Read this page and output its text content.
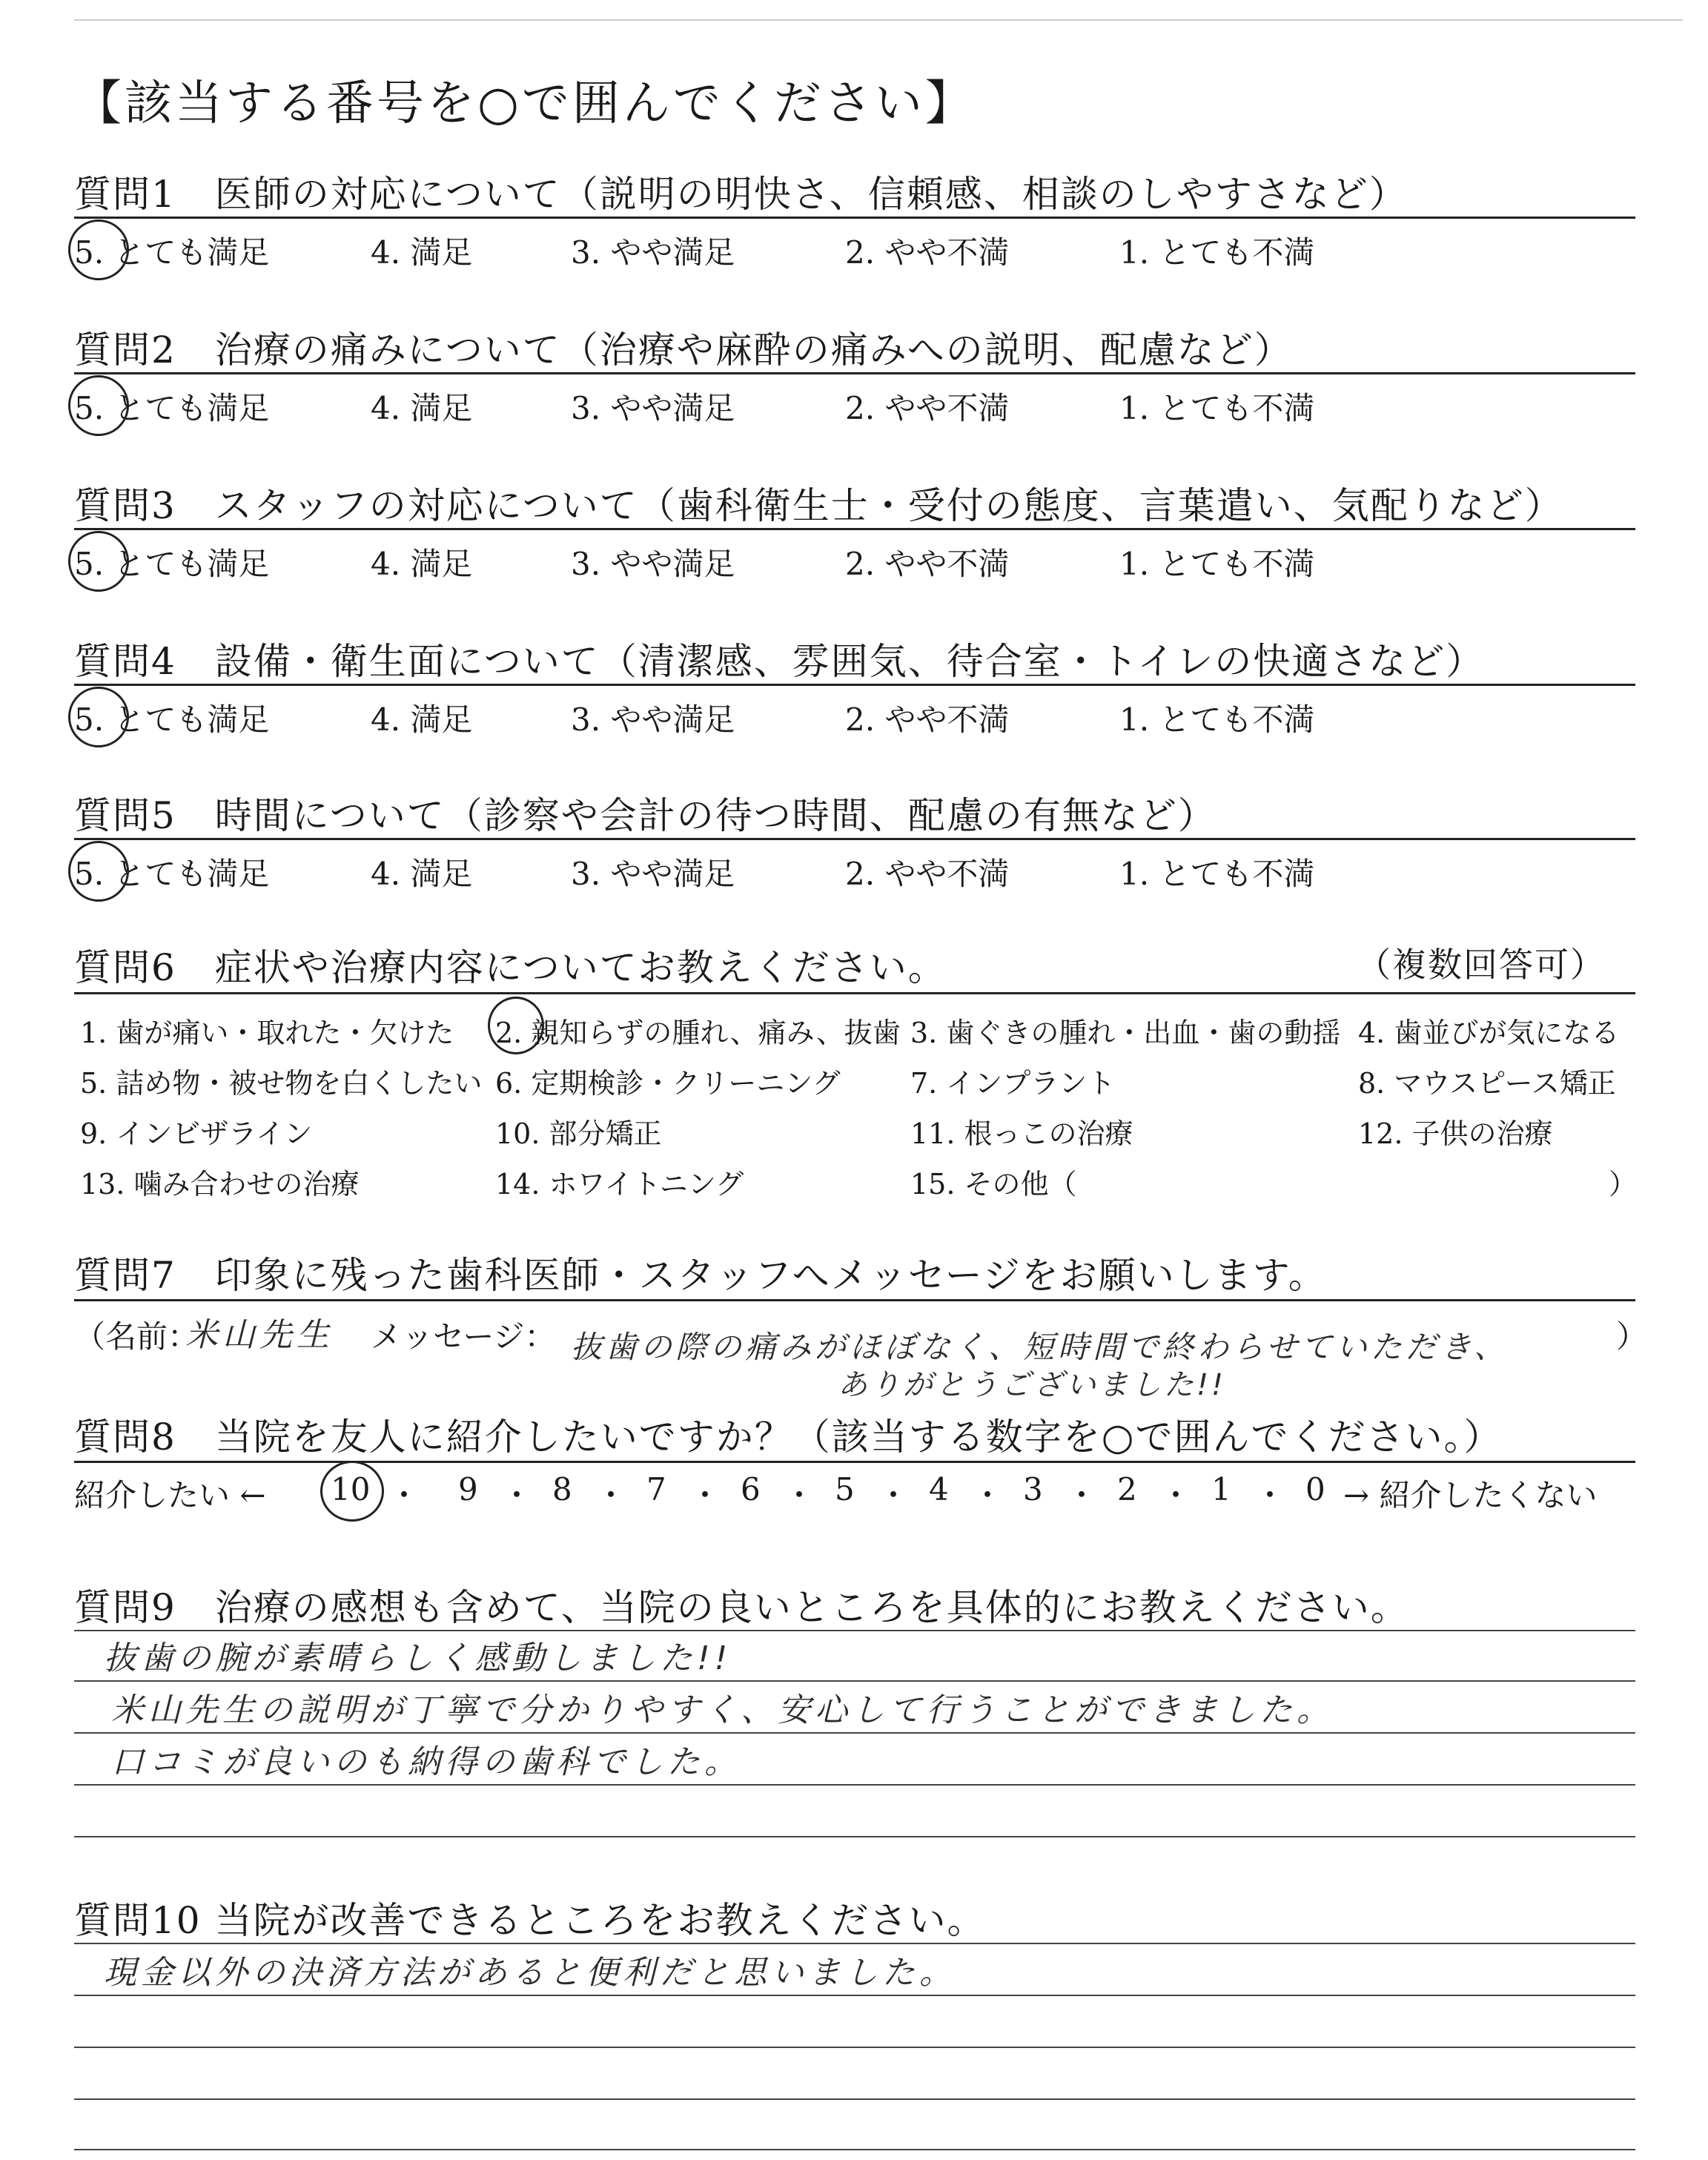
【該当する番号を○で囲んでください】
質問1　医師の対応について（説明の明快さ、信頼感、相談のしやすさなど）
5. とても満足	4. 満足	3. やや満足	2. やや不満	1. とても不満
質問2　治療の痛みについて（治療や麻酔の痛みへの説明、配慮など）
5. とても満足	4. 満足	3. やや満足	2. やや不満	1. とても不満
質問3　スタッフの対応について（歯科衛生士・受付の態度、言葉遣い、気配りなど）
5. とても満足	4. 満足	3. やや満足	2. やや不満	1. とても不満
質問4　設備・衛生面について（清潔感、雰囲気、待合室・トイレの快適さなど）
5. とても満足	4. 満足	3. やや満足	2. やや不満	1. とても不満
質問5　時間について（診察や会計の待つ時間、配慮の有無など）
5. とても満足	4. 満足	3. やや満足	2. やや不満	1. とても不満
質問6　症状や治療内容についてお教えください。	（複数回答可）
1. 歯が痛い・取れた・欠けた 2. 親知らずの腫れ、痛み、抜歯 3. 歯ぐきの腫れ・出血・歯の動揺 4. 歯並びが気になる
5. 詰め物・被せ物を白くしたい 6. 定期検診・クリーニング 7. インプラント	8. マウスピース矯正
9. インビザライン	10. 部分矯正	11. 根っこの治療	12. 子供の治療
13. 噛み合わせの治療	14. ホワイトニング	15. その他（	）
質問7　印象に残った歯科医師・スタッフへメッセージをお願いします。
（名前：
米山先生 メッセージ： 抜歯の際の痛みがほぼなく、短時間で終わらせていただき、
ありがとうございました!!
）
質問8　当院を友人に紹介したいですか？（該当する数字を○で囲んでください。）
紹介したい ← 10 ・ 9 ・ 8 ・ 7 ・ 6 ・ 5 ・ 4 ・ 3 ・ 2 ・ 1 ・ 0 → 紹介したくない
質問9　治療の感想も含めて、当院の良いところを具体的にお教えください。
抜歯の腕が素晴らしく感動しました!!
米山先生の説明が丁寧で分かりやすく、安心して行うことができました。
口コミが良いのも納得の歯科でした。
質問10 当院が改善できるところをお教えください。
現金以外の決済方法があると便利だと思いました。
